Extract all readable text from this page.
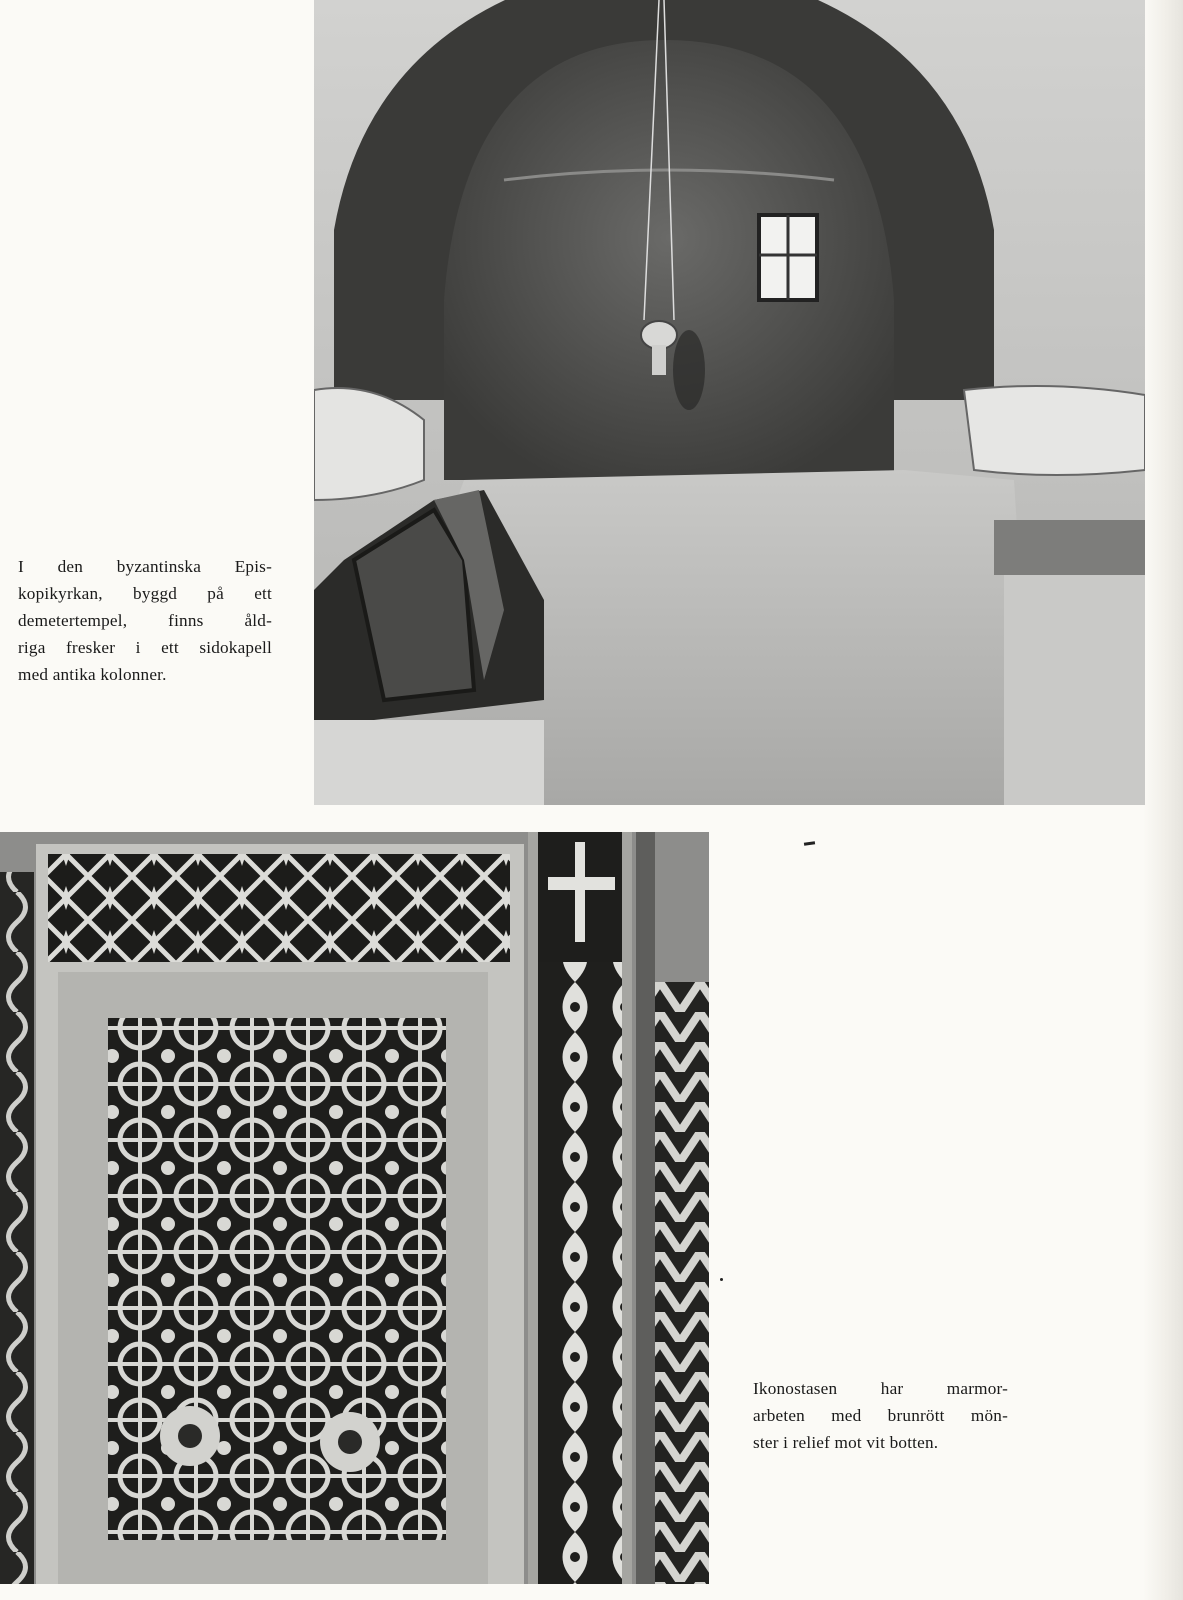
I den byzantinska Epis-
kopikyrkan, byggd på ett
demetertempel, finns åld-
riga fresker i ett sidokapell
med antika kolonner.
Ikonostasen har marmor-
arbeten med brunrött mön-
ster i relief mot vit botten.
